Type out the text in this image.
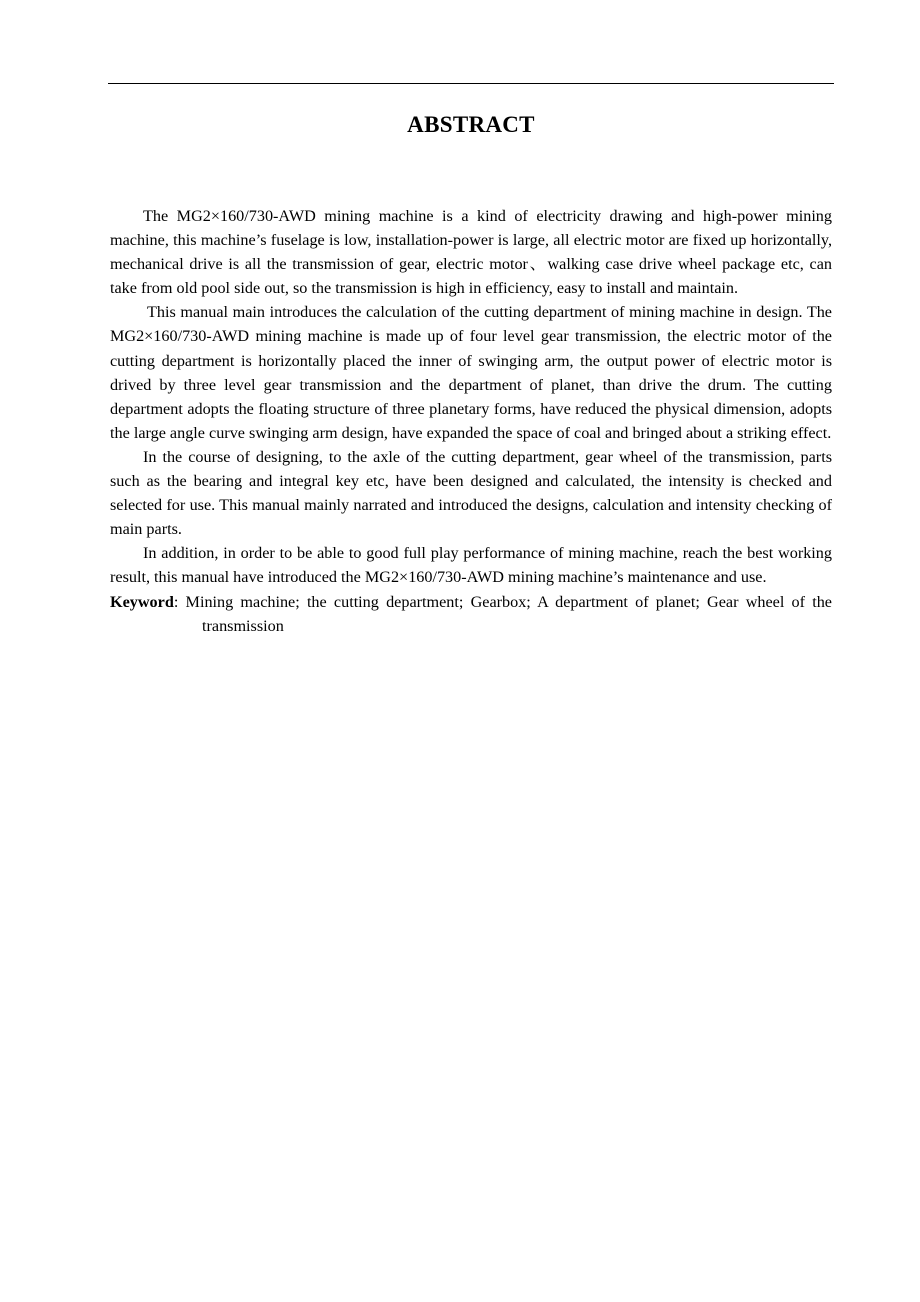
ABSTRACT

The MG2×160/730-AWD mining machine is a kind of electricity drawing and high-power mining machine, this machine’s fuselage is low, installation-power is large, all electric motor are fixed up horizontally, mechanical drive is all the transmission of gear, electric motor、walking case drive wheel package etc, can take from old pool side out, so the transmission is high in efficiency, easy to install and maintain.

This manual main introduces the calculation of the cutting department of mining machine in design. The MG2×160/730-AWD mining machine is made up of four level gear transmission, the electric motor of the cutting department is horizontally placed the inner of swinging arm, the output power of electric motor is drived by three level gear transmission and the department of planet, than drive the drum. The cutting department adopts the floating structure of three planetary forms, have reduced the physical dimension, adopts the large angle curve swinging arm design, have expanded the space of coal and bringed about a striking effect.

In the course of designing, to the axle of the cutting department, gear wheel of the transmission, parts such as the bearing and integral key etc, have been designed and calculated, the intensity is checked and selected for use. This manual mainly narrated and introduced the designs, calculation and intensity checking of main parts.

In addition, in order to be able to good full play performance of mining machine, reach the best working result, this manual have introduced the MG2×160/730-AWD mining machine’s maintenance and use.

Keyword: Mining machine; the cutting department; Gearbox; A department of planet; Gear wheel of the transmission
